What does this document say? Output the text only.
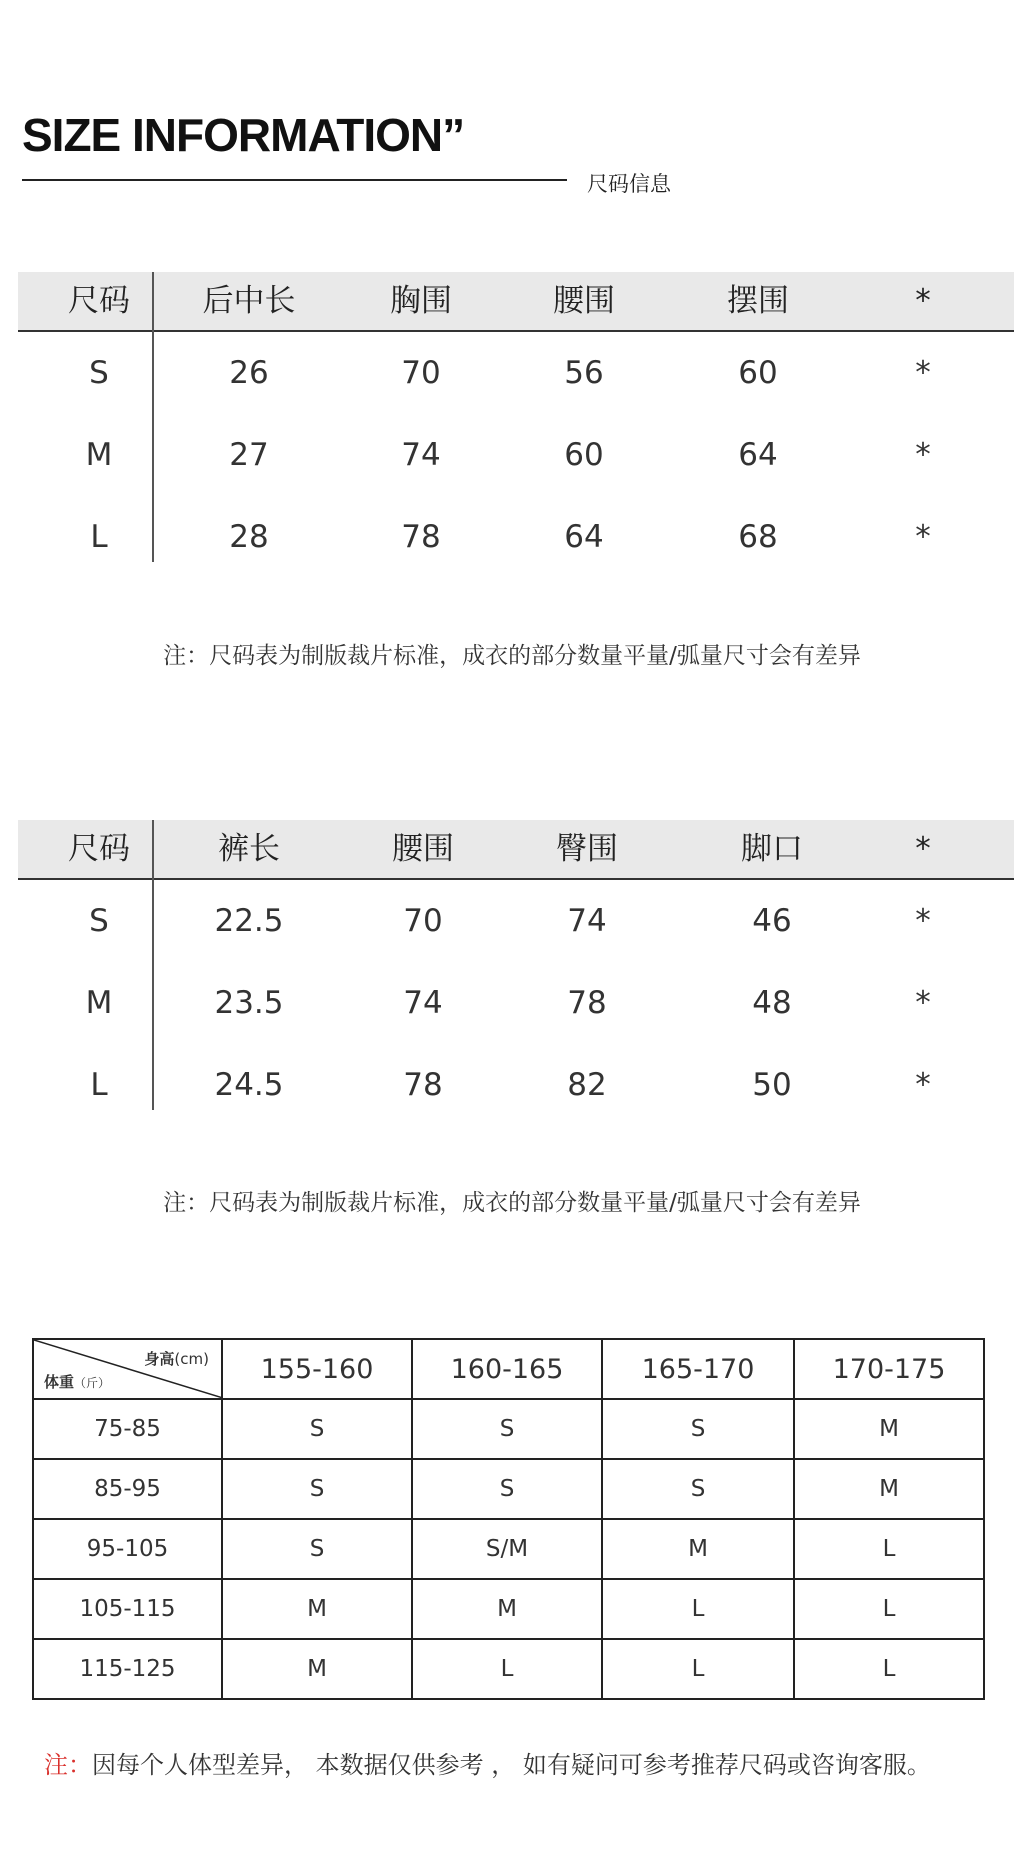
SIZE INFORMATION”
尺码信息
尺码 后中长	胸围	腰围	摆围	*
S	26	70	56	60	*
M	27	74	60	64	*
L	28	78	64	68	*
注：尺码表为制版裁片标准，成衣的部分数量平量/弧量尺寸会有差异
尺码	裤长	腰围	臀围	脚口	*
S	22.5	70	74	46	*
M	23.5	74	78	48	*
L	24.5	78	82	50	*
注：尺码表为制版裁片标准，成衣的部分数量平量/弧量尺寸会有差异
身高(cm)
体重（斤）	155-160	160-165	165-170	170-175
75-85	S	S	S	M
85-95	S	S	S	M
95-105	S	S/M	M	L
105-115	M	M	L	L
115-125	M	L	L	L
注：因每个人体型差异， 本数据仅供参考 ， 如有疑问可参考推荐尺码或咨询客服。
